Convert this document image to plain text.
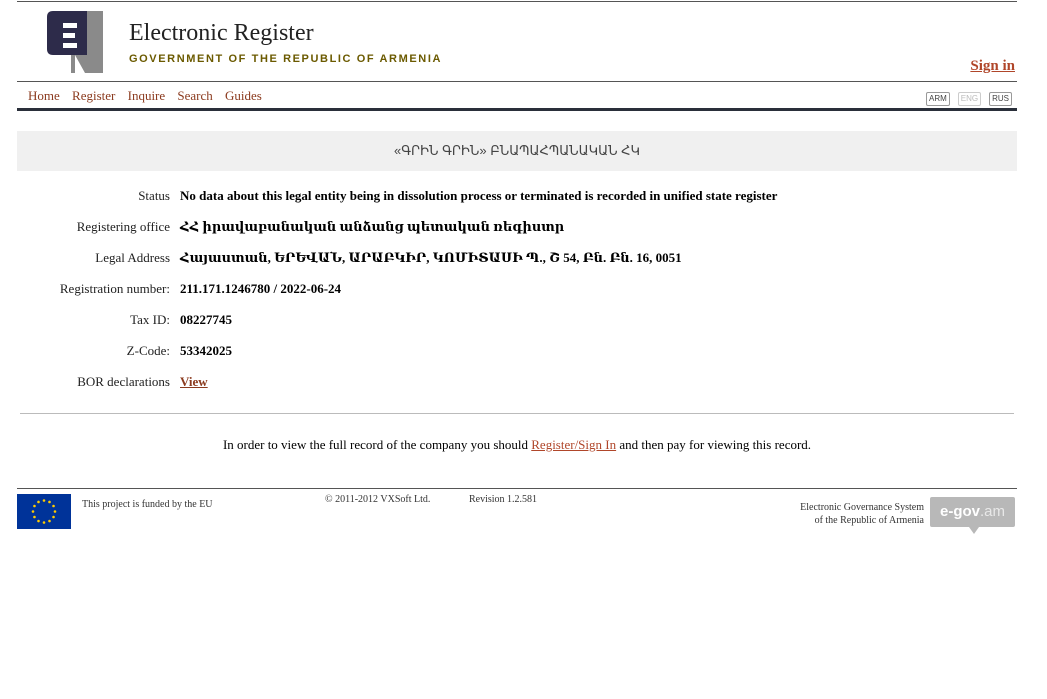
Electronic Register
GOVERNMENT OF THE REPUBLIC OF ARMENIA	Sign in
Home Register Inquire Search Guides	ARM ENG RUS
«ԳՐԻՆ ԳՐԻՆ» ԲՆԱՊԱՀՊԱՆԱԿԱՆ ՀԿ
Status No data about this legal entity being in dissolution process or terminated is recorded in unified state register
Registering office ՀՀ իրավաբանական անձանց պետական ռեգիստր
Legal Address Հայաստան, ԵՐԵՎԱՆ, ԱՐԱԲԿԻՐ, ԿՈՄԻՏԱՍԻ Պ., Շ 54, Բն. Բն. 16, 0051
Registration number: 211.171.1246780 / 2022-06-24
Tax ID: 08227745
Z-Code: 53342025
BOR declarations View
In order to view the full record of the company you should Register/Sign In and then pay for viewing this record.
This project is funded by the EU	© 2011-2012 VXSoft Ltd.	Revision 1.2.581
Electronic Governance System
of the Republic of Armenia
e-gov.am
